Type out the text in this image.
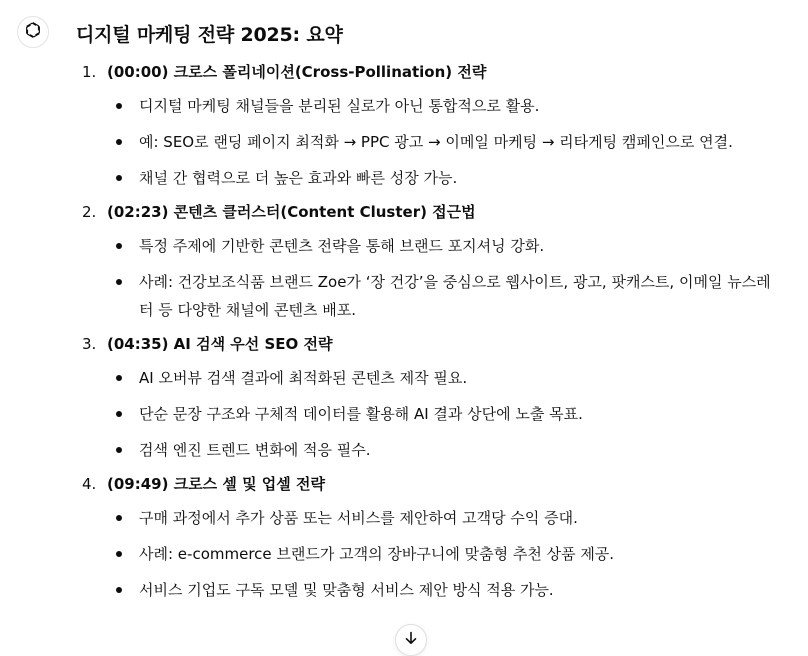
디지털 마케팅 전략 2025: 요약
1. (00:00) 크로스 폴리네이션(Cross-Pollination) 전략
디지털 마케팅 채널들을 분리된 실로가 아닌 통합적으로 활용.
예: SEO로 랜딩 페이지 최적화 → PPC 광고 → 이메일 마케팅 → 리타게팅 캠페인으로 연결.
채널 간 협력으로 더 높은 효과와 빠른 성장 가능.
2. (02:23) 콘텐츠 클러스터(Content Cluster) 접근법
특정 주제에 기반한 콘텐츠 전략을 통해 브랜드 포지셔닝 강화.
사례: 건강보조식품 브랜드 Zoe가 ‘장 건강’을 중심으로 웹사이트, 광고, 팟캐스트, 이메일 뉴스레터 등 다양한 채널에 콘텐츠 배포.
3. (04:35) AI 검색 우선 SEO 전략
AI 오버뷰 검색 결과에 최적화된 콘텐츠 제작 필요.
단순 문장 구조와 구체적 데이터를 활용해 AI 결과 상단에 노출 목표.
검색 엔진 트렌드 변화에 적응 필수.
4. (09:49) 크로스 셀 및 업셀 전략
구매 과정에서 추가 상품 또는 서비스를 제안하여 고객당 수익 증대.
사례: e-commerce 브랜드가 고객의 장바구니에 맞춤형 추천 상품 제공.
서비스 기업도 구독 모델 및 맞춤형 서비스 제안 방식 적용 가능.
